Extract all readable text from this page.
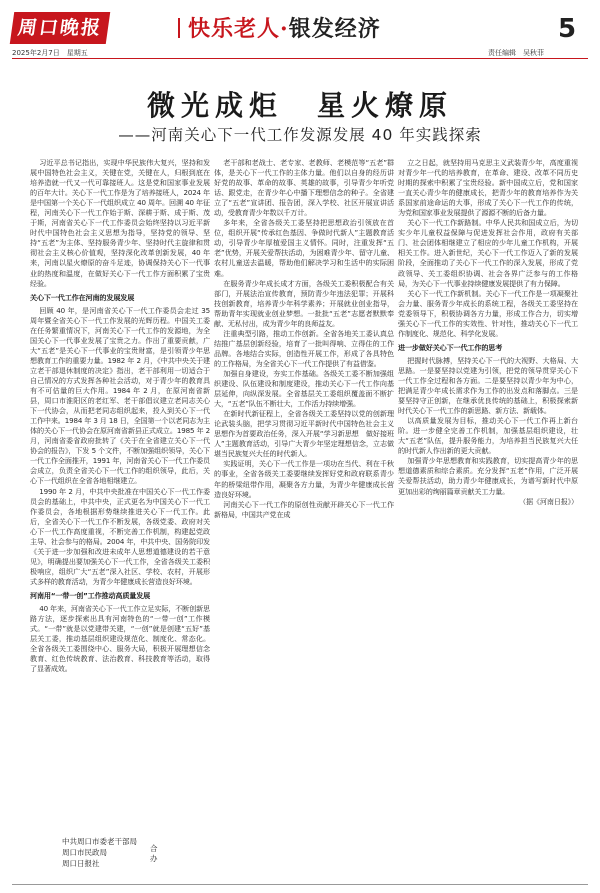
周口晚报
2025年2月7日　星期五
快乐老人·银发经济
责任编辑　吴秋菲
5
微光成炬　星火燎原
——河南关心下一代工作发源发展 40 年实践探索

习近平总书记指出，实现中华民族伟大复兴，坚持和发展中国特色社会主义，关键在党，关键在人，归根到底在培养造就一代又一代可靠接班人。这是党和国家事业发展的百年大计。关心下一代工作是为了培养接班人，2024 年是中国第一个关心下一代组织成立 40 周年。回溯 40 年征程，河南关心下一代工作始于斯、深耕于斯、成于斯、茂于斯，河南省关心下一代工作委员会始终坚持以习近平新时代中国特色社会主义思想为指导，坚持党的领导、坚持“五老”为主体、坚持服务青少年、坚持时代主旋律和贯彻社会主义核心价值观，坚持深化改革创新发展，40 年来，河南以星火燎原的奋斗足迹，协调保持关心下一代事业的热度和温度，在做好关心下一代工作方面积累了宝贵经验。

关心下一代工作在河南的发展发展

回顾 40 年，是河南省关心下一代工作委员会走过 35 周年暨全省关心下一代工作发展的光辉历程。中国关工委在任务繁重情况下，河南关心下一代工作的发源地，为全国关心下一代事业发展了宝贵之力。作出了重要贡献，广大“五老”是关心下一代事业的宝贵财富，是引领青少年思想教育工作的重要力量。1982 年 2 月，《中共中央关于建立老干部退休制度的决定》指出，老干部利用一切适合于自己情况的方式发挥各种社会活动，对于青少年的教育具有不可估量的巨大作用。1984 年 2 月，在原河南省新县，周口市淮阳区的老红军、老干部倡议建立老同志关心下一代协会，从而把老同志组织起来，投入到关心下一代工作中来。1984 年 3 月 18 日，全国第一个以老同志为主体的关心下一代协会在原河南省新县正式成立。1985 年 2 月，河南省委省政府批转了《关于在全省建立关心下一代协会的报告》，下发 5 个文件，不断加强组织领导，关心下一代工作全面推开，1991 年，河南省关心下一代工作委员会成立，负责全省关心下一代工作的组织领导，此后，关心下一代组织在全省各地相继建立。

1990 年 2 月，中共中央批准在中国关心下一代工作委员会的基础上，中共中央，正式更名为中国关心下一代工作委员会，各地根据形势继续推进关心下一代工作。此后，全省关心下一代工作不断发展，各级党委、政府对关心下一代工作高度重视，不断完善工作机制，构建起党政主导、社会参与的格局。2004 年，中共中央、国务院印发《关于进一步加强和改进未成年人思想道德建设的若干意见》，明确提出要加强关心下一代工作，全省各级关工委积极响应，组织广大“五老”深入社区、学校、农村，开展形式多样的教育活动，为青少年健康成长营造良好环境。

河南用“一带一创”工作推动高质量发展

40 年来，河南省关心下一代工作立足实际，不断创新思路方法，逐步探索出具有河南特色的“一带一创”工作模式。“一带”就是以党建带关建，“一创”就是创建“五好”基层关工委，推动基层组织建设规范化、制度化、常态化。全省各级关工委围绕中心、服务大局，积极开展理想信念教育、红色传统教育、法治教育、科技教育等活动，取得了显著成效。

老干部和老战士、老专家、老教师、老模范等“五老”群体，是关心下一代工作的主体力量。他们以自身的经历讲好党的故事、革命的故事、英雄的故事，引导青少年听党话、跟党走，在青少年心中播下理想信念的种子。全省建立了“五老”宣讲团、报告团，深入学校、社区开展宣讲活动，受教育青少年数以千万计。

多年来，全省各级关工委坚持把思想政治引领放在首位，组织开展“传承红色基因、争做时代新人”主题教育活动，引导青少年厚植爱国主义情怀。同时，注重发挥“五老”优势，开展关爱帮扶活动，为困难青少年、留守儿童、农村儿童送去温暖，帮助他们解决学习和生活中的实际困难。

在服务青少年成长成才方面，各级关工委积极配合有关部门，开展法治宣传教育，预防青少年违法犯罪；开展科技创新教育，培养青少年科学素养；开展就业创业指导，帮助青年实现就业创业梦想。一批批“五老”志愿者默默奉献、无私付出，成为青少年的良师益友。

注重典型引路，推动工作创新。全省各地关工委认真总结推广基层创新经验，培育了一批叫得响、立得住的工作品牌。各地结合实际，创造性开展工作，形成了各具特色的工作格局，为全省关心下一代工作提供了有益借鉴。

加强自身建设，夯实工作基础。各级关工委不断加强组织建设、队伍建设和制度建设，推动关心下一代工作向基层延伸，向纵深发展。全省基层关工委组织覆盖面不断扩大，“五老”队伍不断壮大，工作活力持续增强。

在新时代新征程上，全省各级关工委坚持以党的创新理论武装头脑，把学习贯彻习近平新时代中国特色社会主义思想作为首要政治任务，深入开展“学习新思想　做好接班人”主题教育活动，引导广大青少年坚定理想信念，立志做堪当民族复兴大任的时代新人。

实践证明，关心下一代工作是一项功在当代、利在千秋的事业，全省各级关工委要继续发挥好党和政府联系青少年的桥梁纽带作用，凝聚各方力量，为青少年健康成长营造良好环境。

河南关心下一代工作的原创性贡献开辟关心下一代工作新格局，中国共产党在成

立之日起，就坚持用马克思主义武装青少年，高度重视对青少年一代的培养教育，在革命、建设、改革不同历史时期的探索中积累了宝贵经验。新中国成立后，党和国家一直关心青少年的健康成长，把青少年的教育培养作为关系国家前途命运的大事，形成了关心下一代工作的传统，为党和国家事业发展提供了源源不断的后备力量。

关心下一代工作新路制。中华人民共和国成立后，为切实少年儿童权益保障与促进发挥社会作用，政府有关部门、社会团体相继建立了相应的少年儿童工作机构，开展相关工作。进入新世纪，关心下一代工作迈入了新的发展阶段，全面推动了关心下一代工作的深入发展，形成了党政领导、关工委组织协调、社会各界广泛参与的工作格局，为关心下一代事业持续健康发展提供了有力保障。

关心下一代工作新机制。关心下一代工作是一项凝聚社会力量、服务青少年成长的系统工程，各级关工委坚持在党委领导下，积极协调各方力量，形成工作合力，切实增强关心下一代工作的实效性、针对性，推动关心下一代工作制度化、规范化、科学化发展。

进一步做好关心下一代工作的思考

把握时代脉搏，坚持关心下一代的大视野、大格局、大思路。一是要坚持以党建为引领，把党的领导贯穿关心下一代工作全过程和各方面。二是要坚持以青少年为中心，把满足青少年成长需求作为工作的出发点和落脚点。三是要坚持守正创新，在继承优良传统的基础上，积极探索新时代关心下一代工作的新思路、新方法、新载体。

以高质量发展为目标，推动关心下一代工作再上新台阶。进一步健全完善工作机制，加强基层组织建设，壮大“五老”队伍，提升服务能力，为培养担当民族复兴大任的时代新人作出新的更大贡献。

加强青少年思想教育和实践教育，切实提高青少年的思想道德素质和综合素质。充分发挥“五老”作用，广泛开展关爱帮扶活动，助力青少年健康成长，为谱写新时代中原更加出彩的绚丽篇章贡献关工力量。

（据《河南日报》）

中共周口市委老干部局
周口市民政局
周口日报社
合办
